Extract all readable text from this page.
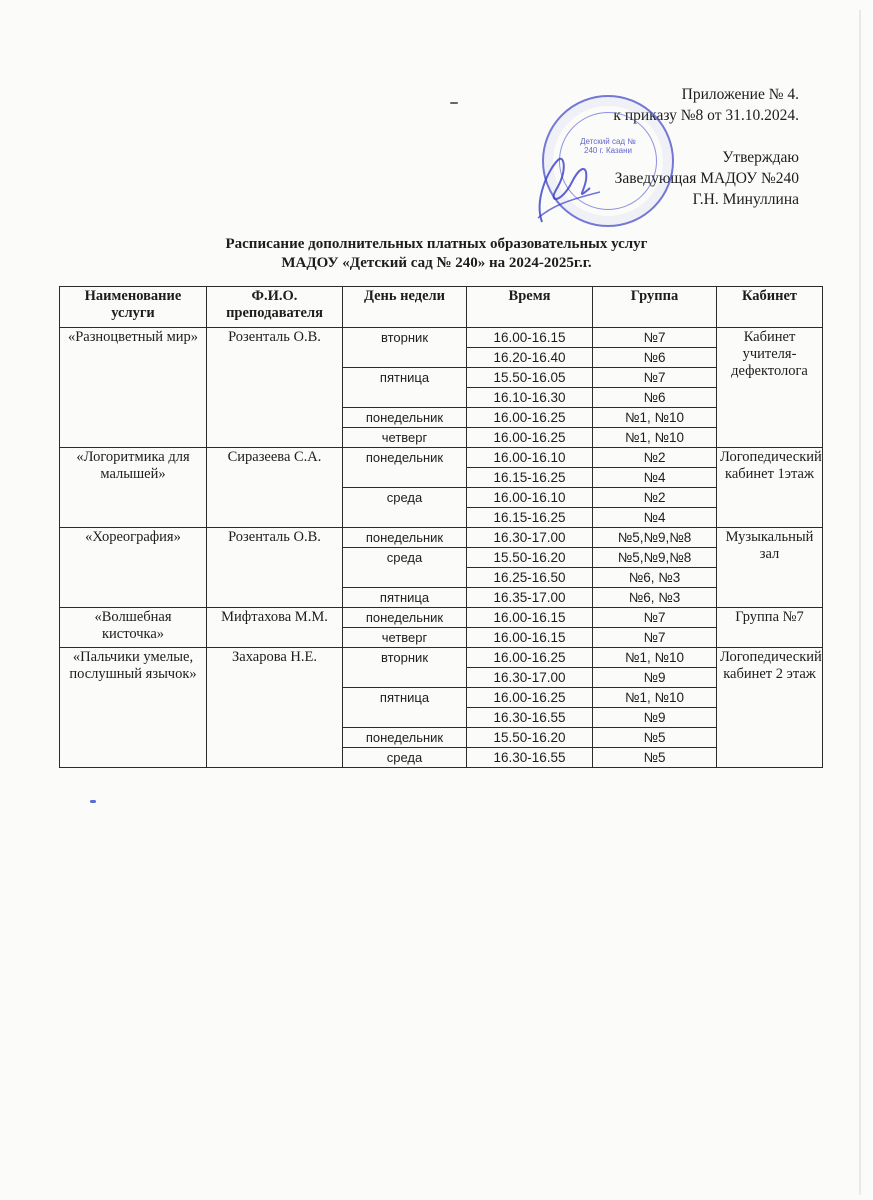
Приложение № 4.
к приказу №8 от 31.10.2024.
Утверждаю
Заведующая МАДОУ №240
Г.Н. Минуллина
Детский сад № 240 г. Казани
Расписание дополнительных платных образовательных услуг
МАДОУ «Детский сад № 240» на 2024-2025г.г.
Наименование услуги	Ф.И.О. преподавателя	День недели	Время	Группа	Кабинет
«Разноцветный мир»	Розенталь О.В.	вторник	16.00-16.15	№7	Кабинет учителя-дефектолога
			16.20-16.40	№6	
		пятница	15.50-16.05	№7	
			16.10-16.30	№6	
		понедельник	16.00-16.25	№1, №10	
		четверг	16.00-16.25	№1, №10	
«Логоритмика для малышей»	Сиразеева С.А.	понедельник	16.00-16.10	№2	Логопедический кабинет 1этаж
			16.15-16.25	№4	
		среда	16.00-16.10	№2	
			16.15-16.25	№4	
«Хореография»	Розенталь О.В.	понедельник	16.30-17.00	№5,№9,№8	Музыкальный зал
		среда	15.50-16.20	№5,№9,№8	
			16.25-16.50	№6, №3	
		пятница	16.35-17.00	№6, №3	
«Волшебная кисточка»	Мифтахова М.М.	понедельник	16.00-16.15	№7	Группа №7
		четверг	16.00-16.15	№7	
«Пальчики умелые, послушный язычок»	Захарова Н.Е.	вторник	16.00-16.25	№1, №10	Логопедический кабинет 2 этаж
			16.30-17.00	№9	
		пятница	16.00-16.25	№1, №10	
			16.30-16.55	№9	
		понедельник	15.50-16.20	№5	
		среда	16.30-16.55	№5	
